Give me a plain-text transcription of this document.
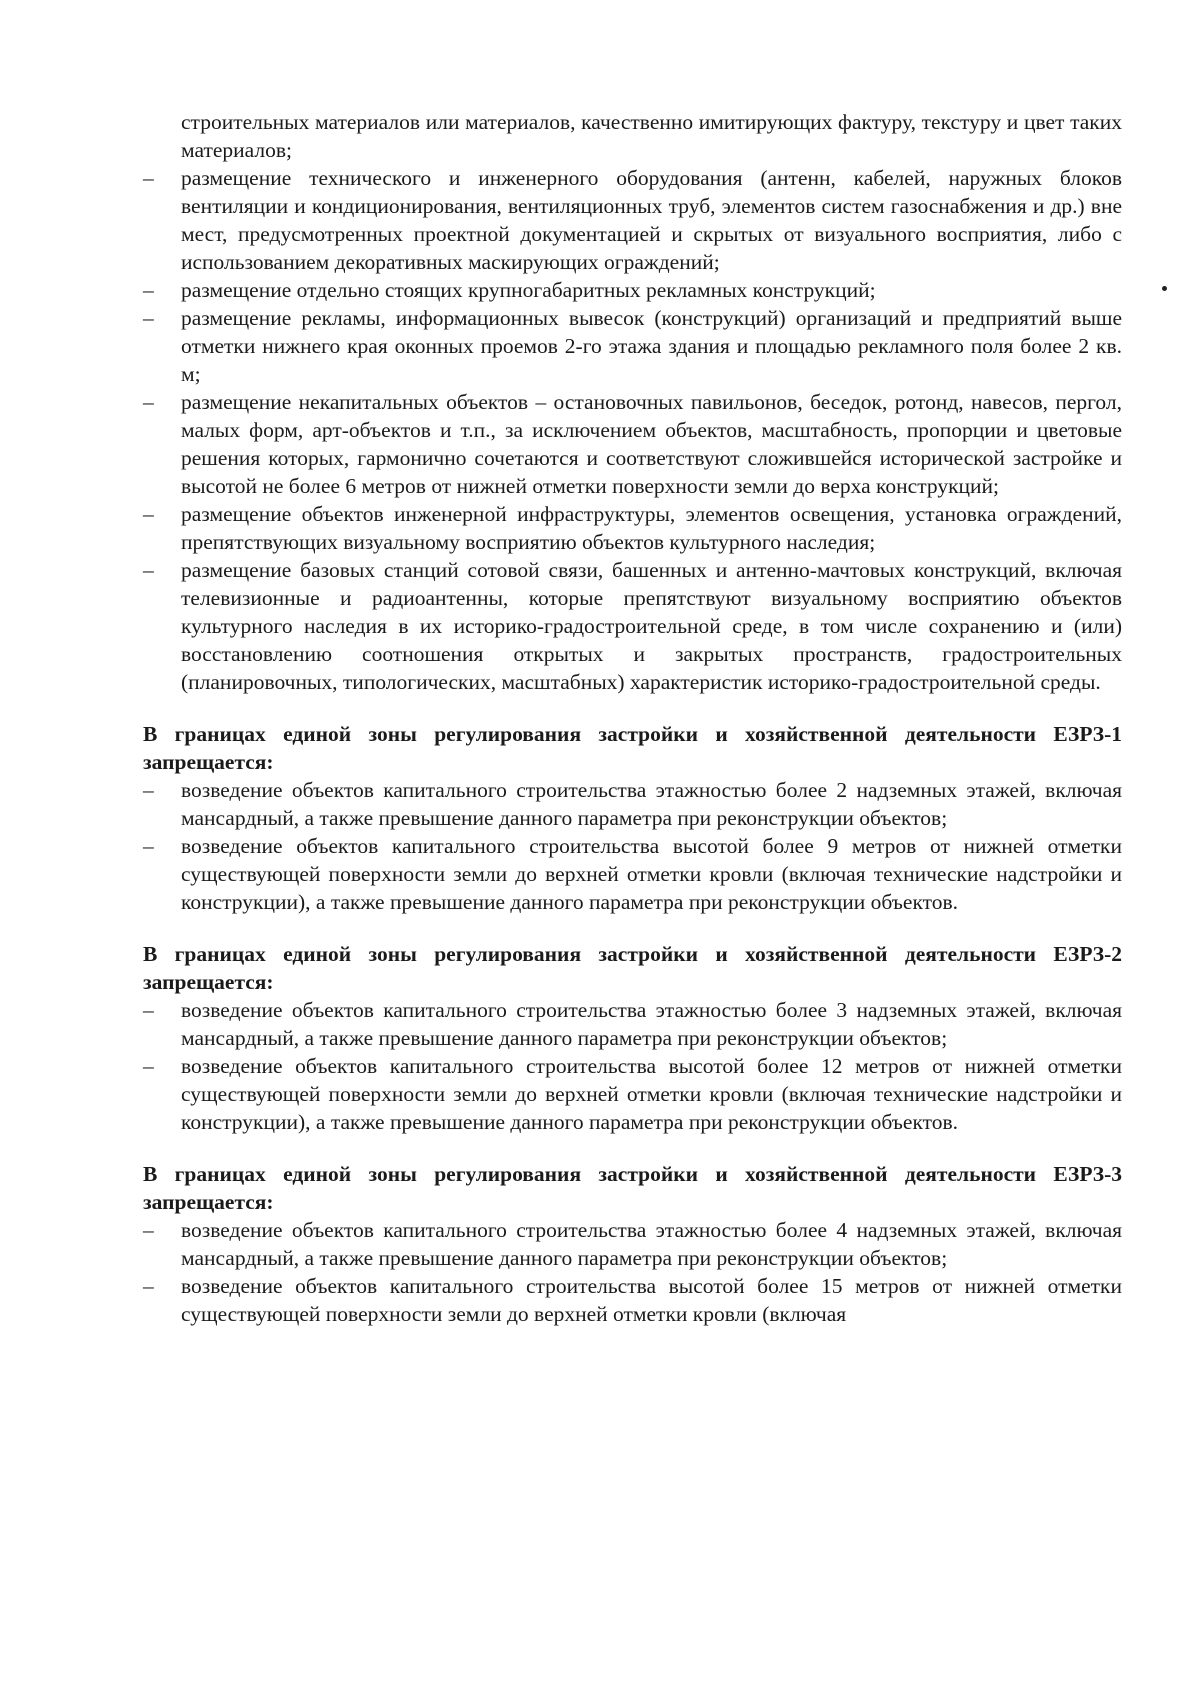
строительных материалов или материалов, качественно имитирующих фактуру, текстуру и цвет таких материалов;

– размещение технического и инженерного оборудования (антенн, кабелей, наружных блоков вентиляции и кондиционирования, вентиляционных труб, элементов систем газоснабжения и др.) вне мест, предусмотренных проектной документацией и скрытых от визуального восприятия, либо с использованием декоративных маскирующих ограждений;
– размещение отдельно стоящих крупногабаритных рекламных конструкций;
– размещение рекламы, информационных вывесок (конструкций) организаций и предприятий выше отметки нижнего края оконных проемов 2-го этажа здания и площадью рекламного поля более 2 кв. м;
– размещение некапитальных объектов – остановочных павильонов, беседок, ротонд, навесов, пергол, малых форм, арт-объектов и т.п., за исключением объектов, масштабность, пропорции и цветовые решения которых, гармонично сочетаются и соответствуют сложившейся исторической застройке и высотой не более 6 метров от нижней отметки поверхности земли до верха конструкций;
– размещение объектов инженерной инфраструктуры, элементов освещения, установка ограждений, препятствующих визуальному восприятию объектов культурного наследия;
– размещение базовых станций сотовой связи, башенных и антенно-мачтовых конструкций, включая телевизионные и радиоантенны, которые препятствуют визуальному восприятию объектов культурного наследия в их историко-градостроительной среде, в том числе сохранению и (или) восстановлению соотношения открытых и закрытых пространств, градостроительных (планировочных, типологических, масштабных) характеристик историко-градостроительной среды.
В границах единой зоны регулирования застройки и хозяйственной деятельности ЕЗРЗ-1 запрещается:
– возведение объектов капитального строительства этажностью более 2 надземных этажей, включая мансардный, а также превышение данного параметра при реконструкции объектов;
– возведение объектов капитального строительства высотой более 9 метров от нижней отметки существующей поверхности земли до верхней отметки кровли (включая технические надстройки и конструкции), а также превышение данного параметра при реконструкции объектов.
В границах единой зоны регулирования застройки и хозяйственной деятельности ЕЗРЗ-2 запрещается:
– возведение объектов капитального строительства этажностью более 3 надземных этажей, включая мансардный, а также превышение данного параметра при реконструкции объектов;
– возведение объектов капитального строительства высотой более 12 метров от нижней отметки существующей поверхности земли до верхней отметки кровли (включая технические надстройки и конструкции), а также превышение данного параметра при реконструкции объектов.
В границах единой зоны регулирования застройки и хозяйственной деятельности ЕЗРЗ-3 запрещается:
– возведение объектов капитального строительства этажностью более 4 надземных этажей, включая мансардный, а также превышение данного параметра при реконструкции объектов;
– возведение объектов капитального строительства высотой более 15 метров от нижней отметки существующей поверхности земли до верхней отметки кровли (включая
